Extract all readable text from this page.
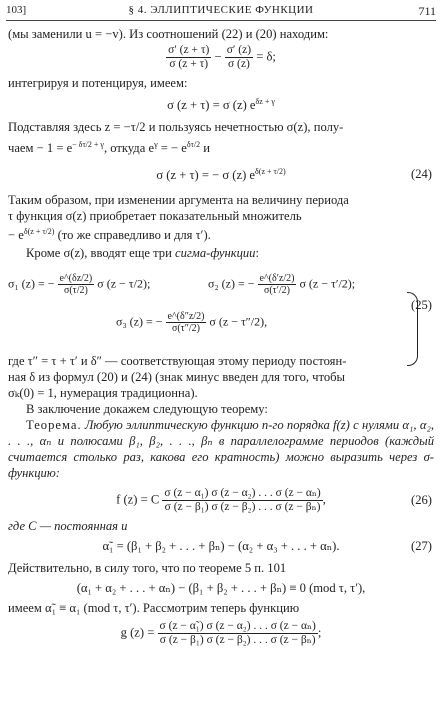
103]	§ 4. ЭЛЛИПТИЧЕСКИЕ ФУНКЦИИ	711

(мы заменили u = −v). Из соотношений (22) и (20) находим:

$\frac{\sigma' (z + \tau)}{\sigma (z + \tau)} - \frac{\sigma' (z)}{\sigma (z)} = \delta$;

интегрируя и потенцируя, имеем:

σ (z + τ) = σ (z) $e^{\delta z + \gamma}$

Подставляя здесь z = −τ/2 и пользуясь нечетностью σ(z), полу-

чаем − $1 = e^{- \delta\tau/2 + \gamma}$, откуда $e^\gamma$ = − $e^{\delta\tau/2}$ и

σ (z + τ) = − σ (z) $e^{\delta(z + \tau/2)}$	(24)

Таким образом, при изменении аргумента на величину периода

τ функция σ(z) приобретает показательный множитель

− $e^{\delta(z + \tau/2)}$ (то же справедливо и для τ′).

Кроме σ(z), вводят еще три сигма-функции:

σ₁ (z) = − $\frac{e\^{}(\delta z/2)}{\sigma(\tau/2)}$ σ (z − τ/2);	σ₂ (z) = − $\frac{e\^{}(\delta'z/2)}{\sigma(\tau'/2)}$ σ (z − τ′/2);
σ₃ (z) = − $\frac{e\^{}(\delta''z/2)}{\sigma(\tau''/2)}$ σ (z − τ″/2),
(25)

где τ″ = τ + τ′ и δ″ — соответствующая этому периоду постоян-

ная δ из формул (20) и (24) (знак минус введен для того, чтобы

σₖ(0) = 1, нумерация традиционна).

В заключение докажем следующую теорему:

Теорема. Любую эллиптическую функцию n-го порядка f(z) с нулями α₁, α₂, . . ., αₙ и полюсами β₁, β₂, . . ., βₙ в параллелограмме периодов (каждый считается столько раз, какова его кратность) можно выразить через σ-функцию:

f (z) = C $\frac{\text{σ (z − α₁) σ (z − α₂) . . . σ (z − αₙ)}}{\text{σ (z − β₁) σ (z − β₂) . . . σ (z − βₙ)}}$ ,	(26)

где C — постоянная и

α̃₁ = (β₁ + β₂ + . . . + βₙ) − (α₂ + α₃ + . . . + αₙ).	(27)

Действительно, в силу того, что по теореме 5 п. 101

(α₁ + α₂ + . . . + αₙ) − (β₁ + β₂ + . . . + βₙ) ≡ 0 (mod τ, τ′),

имеем α̃₁ ≡ α₁ (mod τ, τ′). Рассмотрим теперь функцию

g $(z) = \frac{\text{σ (z − α̃₁) σ (z − α₂) . . . σ (z − αₙ)}}{\text{σ (z − β₁) σ (z − β₂) . . . σ (z − βₙ)}}$ ;
